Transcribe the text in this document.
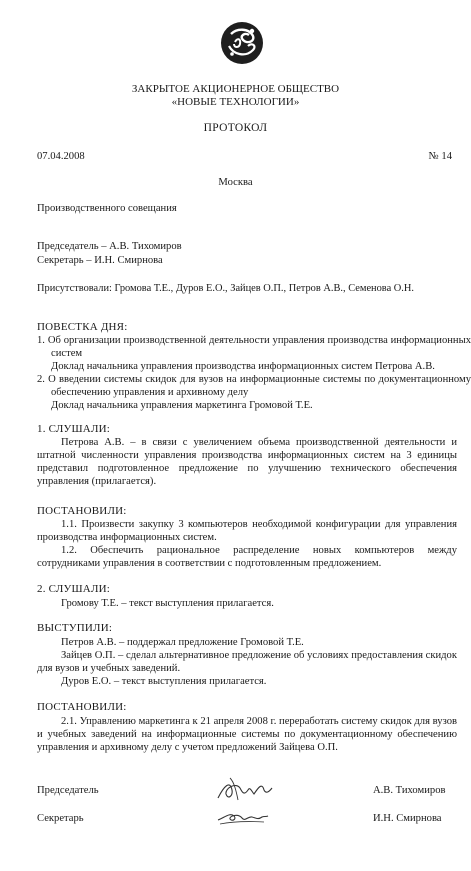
ЗАКРЫТОЕ АКЦИОНЕРНОЕ ОБЩЕСТВО
«НОВЫЕ ТЕХНОЛОГИИ»
ПРОТОКОЛ
07.04.2008	№ 14
Москва
Производственного совещания
Председатель – А.В. Тихомиров
Секретарь – И.Н. Смирнова
Присутствовали: Громова Т.Е., Дуров Е.О., Зайцев О.П., Петров А.В., Семенова О.Н.
ПОВЕСТКА ДНЯ:
1. Об организации производственной деятельности управления производства информационных систем
Доклад начальника управления производства информационных систем Петрова А.В.
2. О введении системы скидок для вузов на информационные системы по документационному обеспечению управления и архивному делу
Доклад начальника управления маркетинга Громовой Т.Е.
1. СЛУШАЛИ:
Петрова А.В. – в связи с увеличением объема производственной деятельности и штатной численности управления производства информационных систем на 3 единицы представил подготовленное предложение по улучшению технического обеспечения управления (прилагается).
ПОСТАНОВИЛИ:
1.1. Произвести закупку 3 компьютеров необходимой конфигурации для управления производства информационных систем.
1.2. Обеспечить рациональное распределение новых компьютеров между сотрудниками управления в соответствии с подготовленным предложением.
2. СЛУШАЛИ:
Громову Т.Е. – текст выступления прилагается.
ВЫСТУПИЛИ:
Петров А.В. – поддержал предложение Громовой Т.Е.
Зайцев О.П. – сделал альтернативное предложение об условиях предоставления скидок для вузов и учебных заведений.
Дуров Е.О. – текст выступления прилагается.
ПОСТАНОВИЛИ:
2.1. Управлению маркетинга к 21 апреля 2008 г. переработать систему скидок для вузов и учебных заведений на информационные системы по документационному обеспечению управления и архивному делу с учетом предложений Зайцева О.П.
Председатель	А.В. Тихомиров
Секретарь	И.Н. Смирнова
